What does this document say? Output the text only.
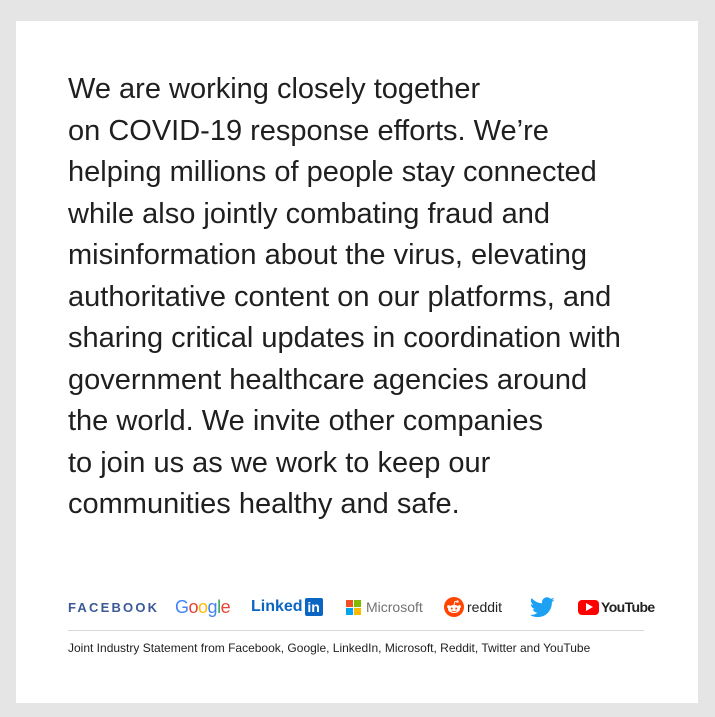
We are working closely together
on COVID-19 response efforts. We’re
helping millions of people stay connected
while also jointly combating fraud and
misinformation about the virus, elevating
authoritative content on our platforms, and
sharing critical updates in coordination with
government healthcare agencies around
the world. We invite other companies
to join us as we work to keep our
communities healthy and safe.

FACEBOOK G o o g l e Linked in	Microsoft	reddit	YouTube

Joint Industry Statement from Facebook, Google, LinkedIn, Microsoft, Reddit, Twitter and YouTube
